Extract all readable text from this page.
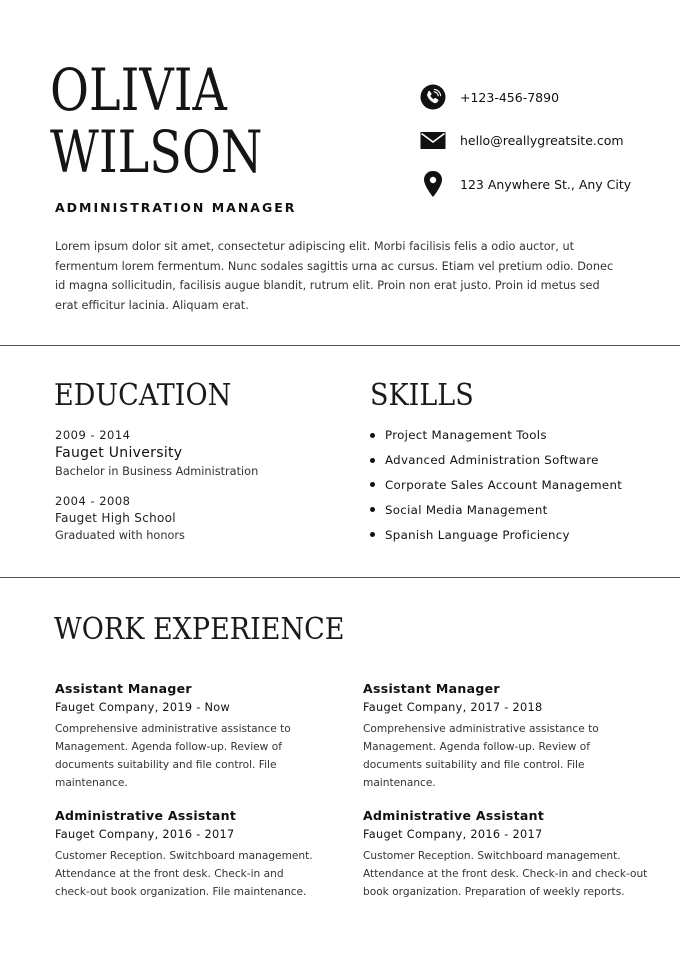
OLIVIA
WILSON
ADMINISTRATION MANAGER
+123-456-7890
hello@reallygreatsite.com
123 Anywhere St., Any City
Lorem ipsum dolor sit amet, consectetur adipiscing elit. Morbi facilisis felis a odio auctor, ut fermentum lorem fermentum. Nunc sodales sagittis urna ac cursus. Etiam vel pretium odio. Donec id magna sollicitudin, facilisis augue blandit, rutrum elit. Proin non erat justo. Proin id metus sed erat efficitur lacinia. Aliquam erat.
EDUCATION
2009 - 2014
Fauget University
Bachelor in Business Administration
2004 - 2008
Fauget High School
Graduated with honors
SKILLS
Project Management Tools
Advanced Administration Software
Corporate Sales Account Management
Social Media Management
Spanish Language Proficiency
WORK EXPERIENCE
Assistant Manager
Fauget Company, 2019 - Now
Comprehensive administrative assistance to Management. Agenda follow-up. Review of documents suitability and file control. File maintenance.
Assistant Manager
Fauget Company, 2017 - 2018
Comprehensive administrative assistance to Management. Agenda follow-up. Review of documents suitability and file control. File maintenance.
Administrative Assistant
Fauget Company, 2016 - 2017
Customer Reception. Switchboard management. Attendance at the front desk. Check-in and check-out book organization. File maintenance.
Administrative Assistant
Fauget Company, 2016 - 2017
Customer Reception. Switchboard management. Attendance at the front desk. Check-in and check-out book organization. Preparation of weekly reports.
